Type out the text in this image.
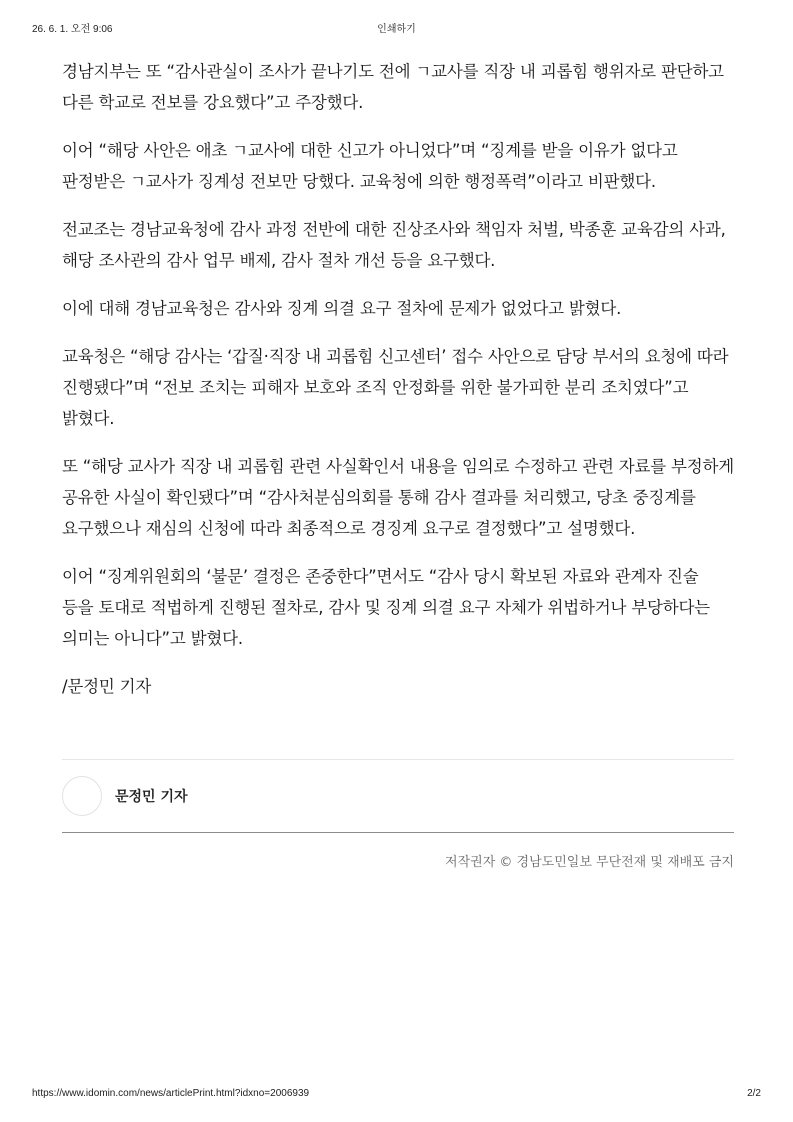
26. 6. 1. 오전 9:06	인쇄하기

경남지부는 또 “감사관실이 조사가 끝나기도 전에 ㄱ교사를 직장 내 괴롭힘 행위자로 판단하고 다른 학교로 전보를 강요했다”고 주장했다.

이어 “해당 사안은 애초 ㄱ교사에 대한 신고가 아니었다”며 “징계를 받을 이유가 없다고 판정받은 ㄱ교사가 징계성 전보만 당했다. 교육청에 의한 행정폭력”이라고 비판했다.

전교조는 경남교육청에 감사 과정 전반에 대한 진상조사와 책임자 처벌, 박종훈 교육감의 사과, 해당 조사관의 감사 업무 배제, 감사 절차 개선 등을 요구했다.

이에 대해 경남교육청은 감사와 징계 의결 요구 절차에 문제가 없었다고 밝혔다.

교육청은 “해당 감사는 ‘갑질·직장 내 괴롭힘 신고센터’ 접수 사안으로 담당 부서의 요청에 따라 진행됐다”며 “전보 조치는 피해자 보호와 조직 안정화를 위한 불가피한 분리 조치였다”고 밝혔다.

또 “해당 교사가 직장 내 괴롭힘 관련 사실확인서 내용을 임의로 수정하고 관련 자료를 부정하게 공유한 사실이 확인됐다”며 “감사처분심의회를 통해 감사 결과를 처리했고, 당초 중징계를 요구했으나 재심의 신청에 따라 최종적으로 경징계 요구로 결정했다”고 설명했다.

이어 “징계위원회의 ‘불문’ 결정은 존중한다”면서도 “감사 당시 확보된 자료와 관계자 진술 등을 토대로 적법하게 진행된 절차로, 감사 및 징계 의결 요구 자체가 위법하거나 부당하다는 의미는 아니다”고 밝혔다.

/문정민 기자

문정민 기자
저작권자 © 경남도민일보 무단전재 및 재배포 금지
https://www.idomin.com/news/articlePrint.html?idxno=2006939	2/2
